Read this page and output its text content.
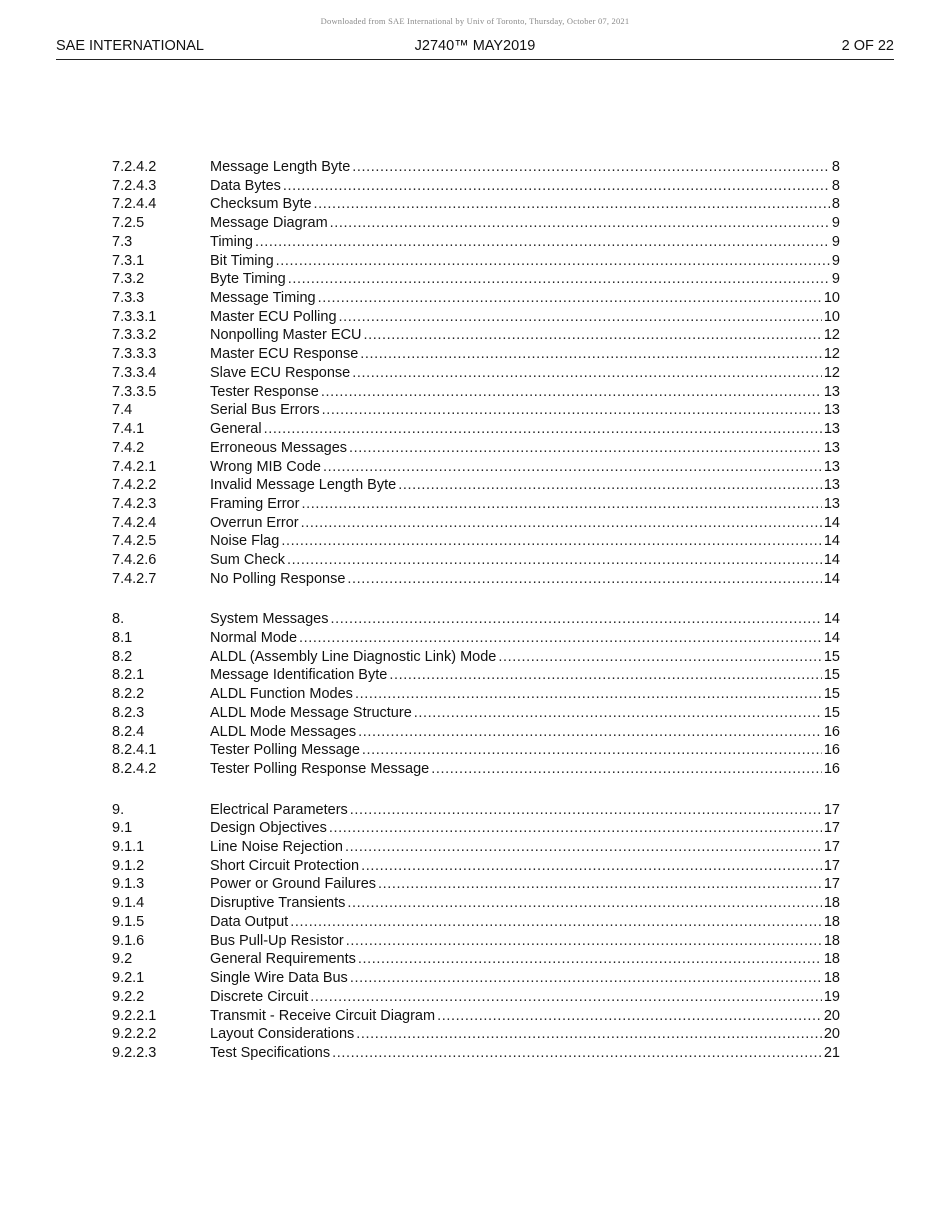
Downloaded from SAE International by Univ of Toronto, Thursday, October 07, 2021
SAE INTERNATIONAL	J2740™ MAY2019	2 OF 22
7.2.4.2	Message Length Byte .....	8
7.2.4.3	Data Bytes .....	8
7.2.4.4	Checksum Byte .....	8
7.2.5	Message Diagram .....	9
7.3	Timing .....	9
7.3.1	Bit Timing .....	9
7.3.2	Byte Timing .....	9
7.3.3	Message Timing .....	10
7.3.3.1	Master ECU Polling .....	10
7.3.3.2	Nonpolling Master ECU .....	12
7.3.3.3	Master ECU Response .....	12
7.3.3.4	Slave ECU Response .....	12
7.3.3.5	Tester Response .....	13
7.4	Serial Bus Errors .....	13
7.4.1	General .....	13
7.4.2	Erroneous Messages .....	13
7.4.2.1	Wrong MIB Code .....	13
7.4.2.2	Invalid Message Length Byte .....	13
7.4.2.3	Framing Error .....	13
7.4.2.4	Overrun Error .....	14
7.4.2.5	Noise Flag .....	14
7.4.2.6	Sum Check .....	14
7.4.2.7	No Polling Response .....	14
8.	System Messages .....	14
8.1	Normal Mode .....	14
8.2	ALDL (Assembly Line Diagnostic Link) Mode .....	15
8.2.1	Message Identification Byte .....	15
8.2.2	ALDL Function Modes .....	15
8.2.3	ALDL Mode Message Structure .....	15
8.2.4	ALDL Mode Messages .....	16
8.2.4.1	Tester Polling Message .....	16
8.2.4.2	Tester Polling Response Message .....	16
9.	Electrical Parameters .....	17
9.1	Design Objectives .....	17
9.1.1	Line Noise Rejection .....	17
9.1.2	Short Circuit Protection .....	17
9.1.3	Power or Ground Failures .....	17
9.1.4	Disruptive Transients .....	18
9.1.5	Data Output .....	18
9.1.6	Bus Pull-Up Resistor .....	18
9.2	General Requirements .....	18
9.2.1	Single Wire Data Bus .....	18
9.2.2	Discrete Circuit .....	19
9.2.2.1	Transmit - Receive Circuit Diagram .....	20
9.2.2.2	Layout Considerations .....	20
9.2.2.3	Test Specifications .....	21
